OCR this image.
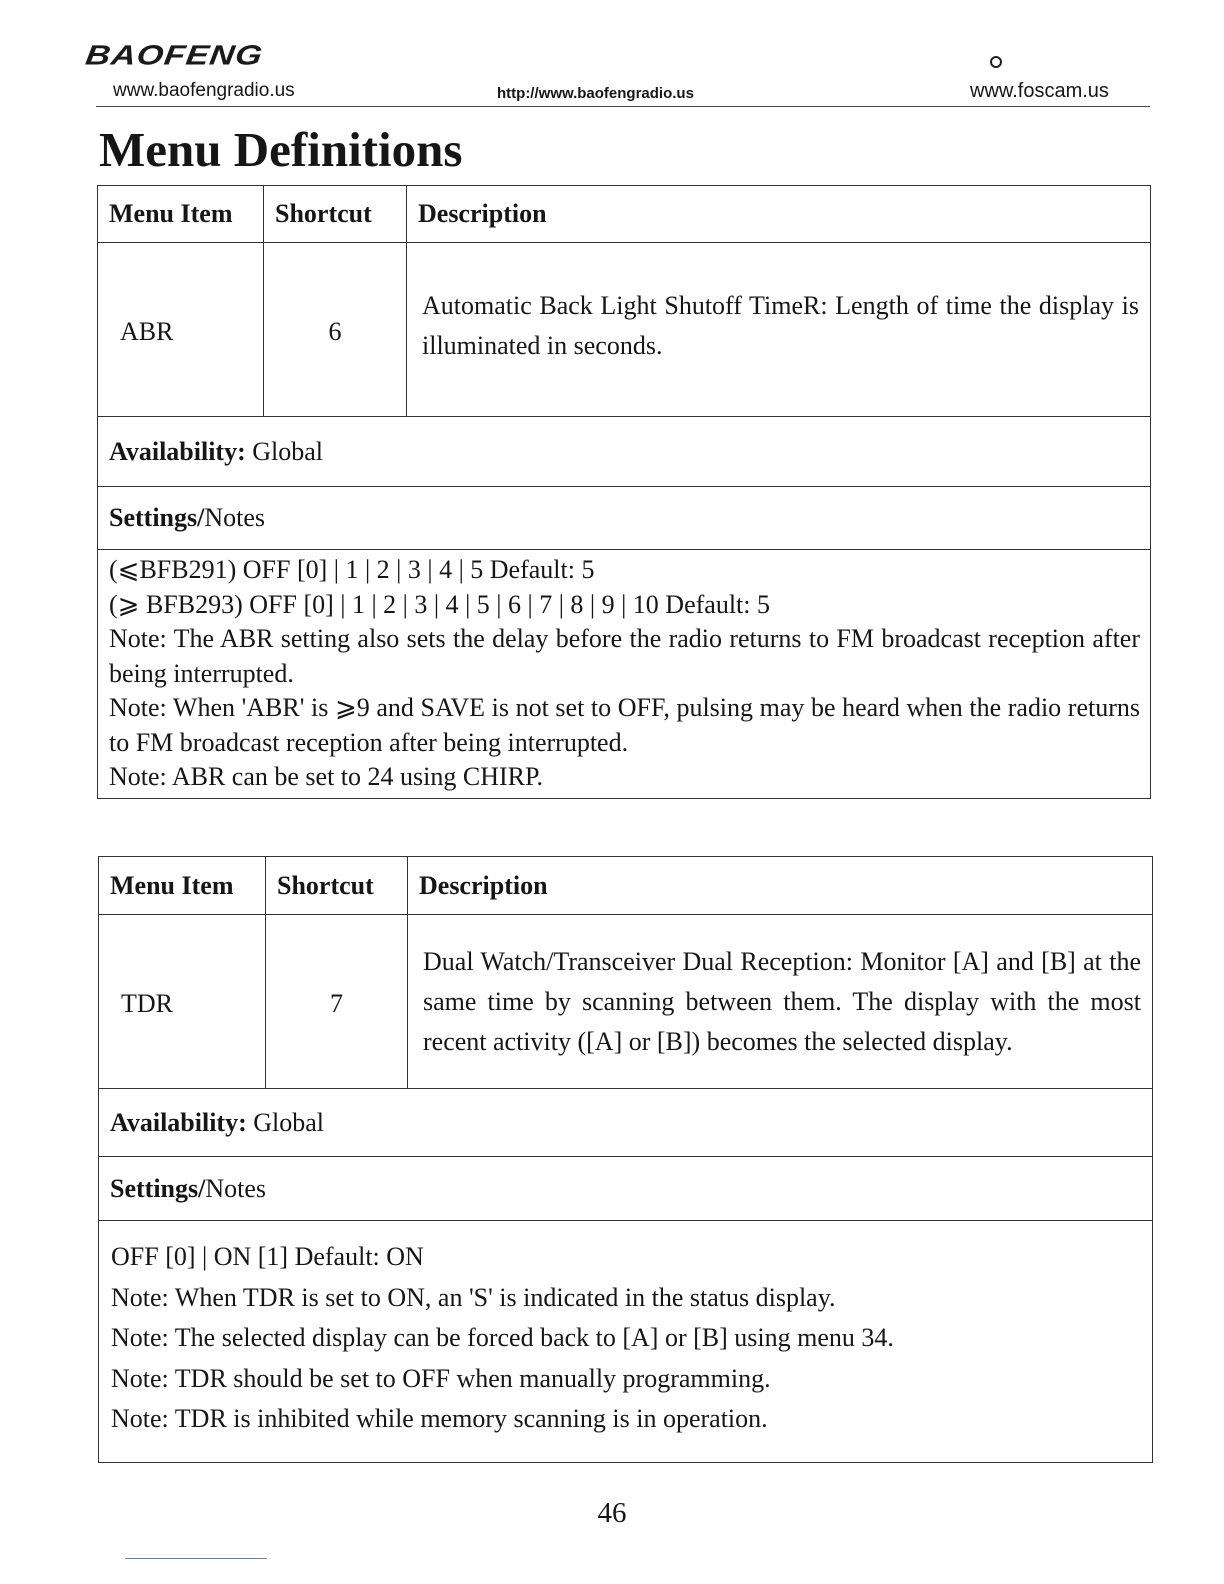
BAOFENG
www.baofengradio.us	http://www.baofengradio.us	www.foscam.us
Menu Definitions
Menu Item	Shortcut	Description
ABR	6	Automatic Back Light Shutoff TimeR: Length of time the display is illuminated in seconds.
Availability: Global		
Settings/Notes		

(⩽BFB291) OFF [0] | 1 | 2 | 3 | 4 | 5 Default: 5
(⩾ BFB293) OFF [0] | 1 | 2 | 3 | 4 | 5 | 6 | 7 | 8 | 9 | 10 Default: 5
Note: The ABR setting also sets the delay before the radio returns to FM broadcast reception after being interrupted.
Note: When 'ABR' is ⩾9 and SAVE is not set to OFF, pulsing may be heard when the radio returns to FM broadcast reception after being interrupted.
Note: ABR can be set to 24 using CHIRP.		
Menu Item	Shortcut	Description
TDR	7	Dual Watch/Transceiver Dual Reception: Monitor [A] and [B] at the same time by scanning between them. The display with the most recent activity ([A] or [B]) becomes the selected display.
Availability: Global		
Settings/Notes		

OFF [0] | ON [1] Default: ON
Note: When TDR is set to ON, an 'S' is indicated in the status display.
Note: The selected display can be forced back to [A] or [B] using menu 34.
Note: TDR should be set to OFF when manually programming.
Note: TDR is inhibited while memory scanning is in operation.		
46
